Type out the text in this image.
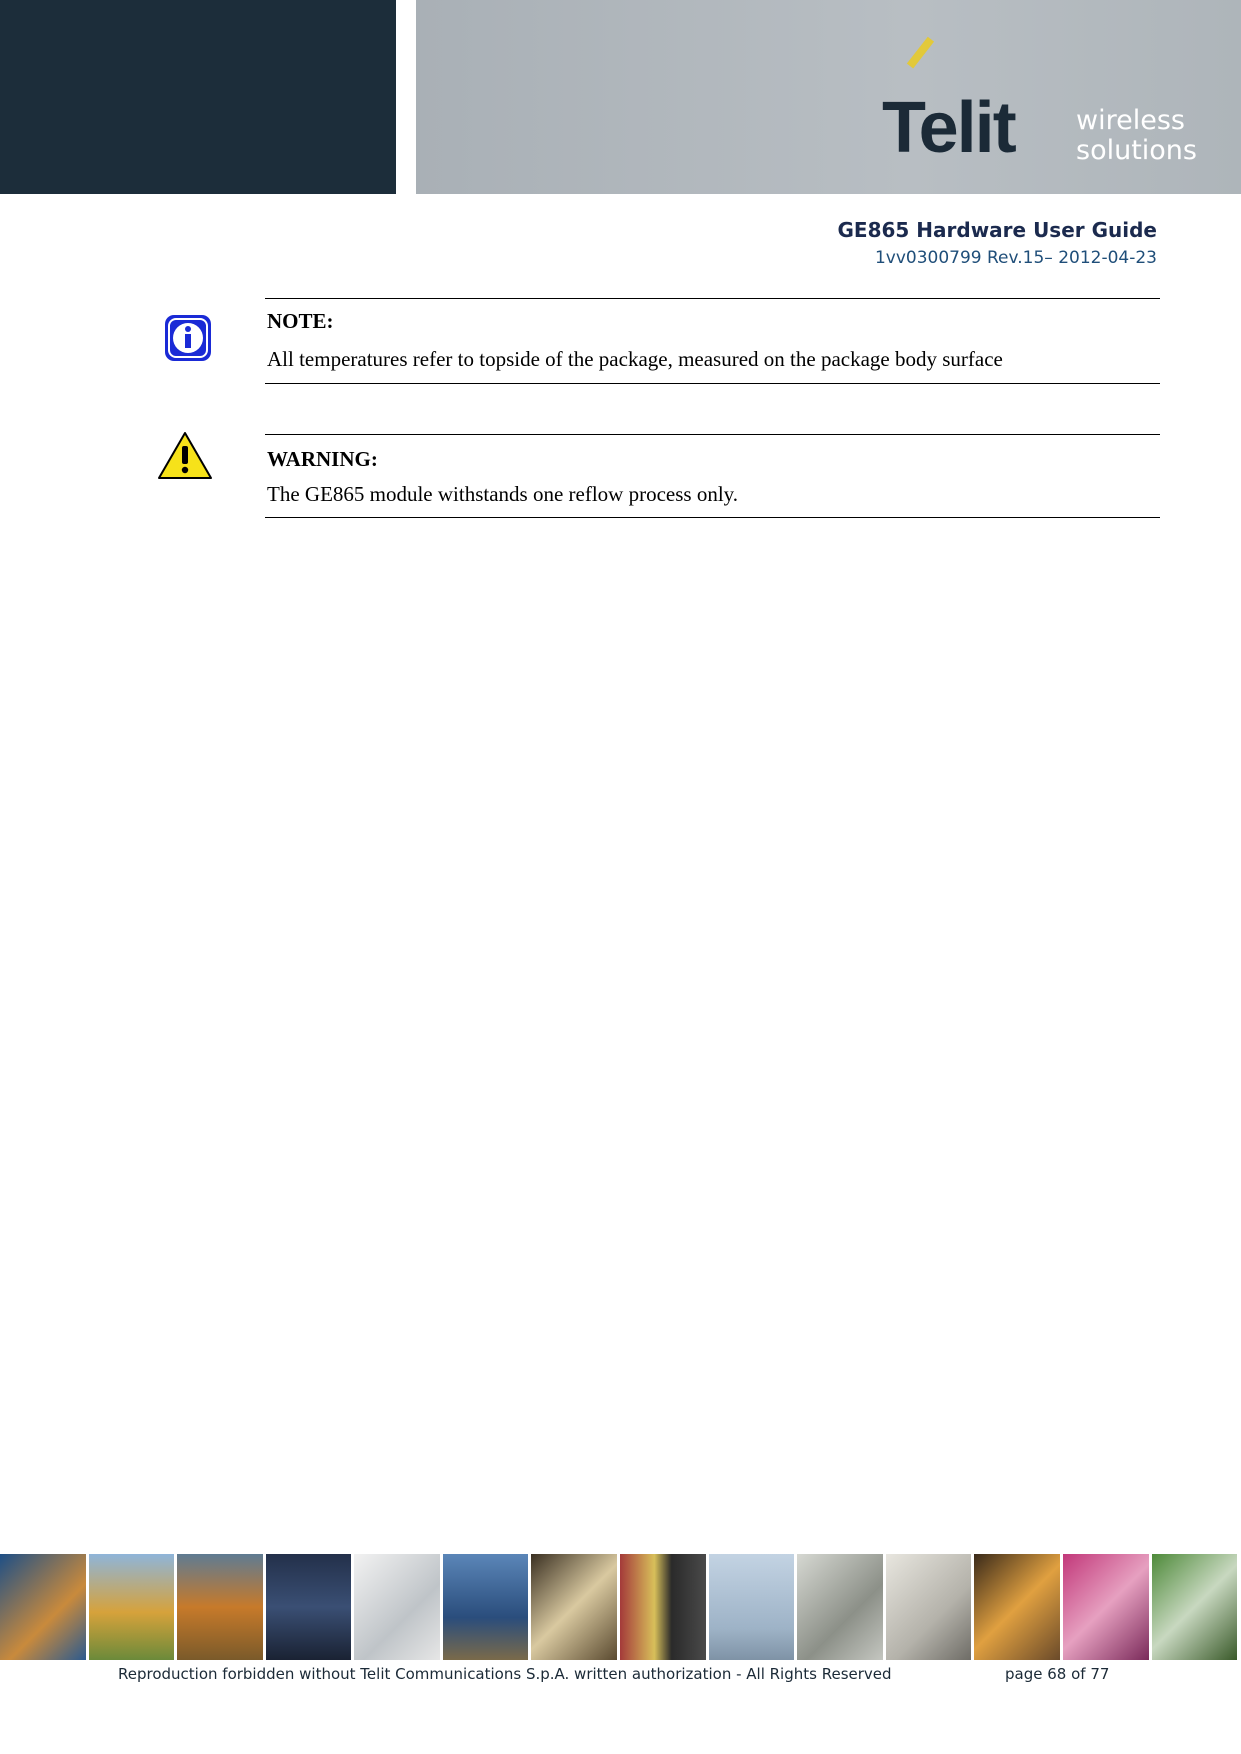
Telit wireless
solutions
GE865 Hardware User Guide
1vv0300799 Rev.15– 2012-04-23
NOTE:
All temperatures refer to topside of the package, measured on the package body surface
WARNING:
The GE865 module withstands one reflow process only.
Reproduction forbidden without Telit Communications S.p.A. written authorization - All Rights Reserved	page 68 of 77
